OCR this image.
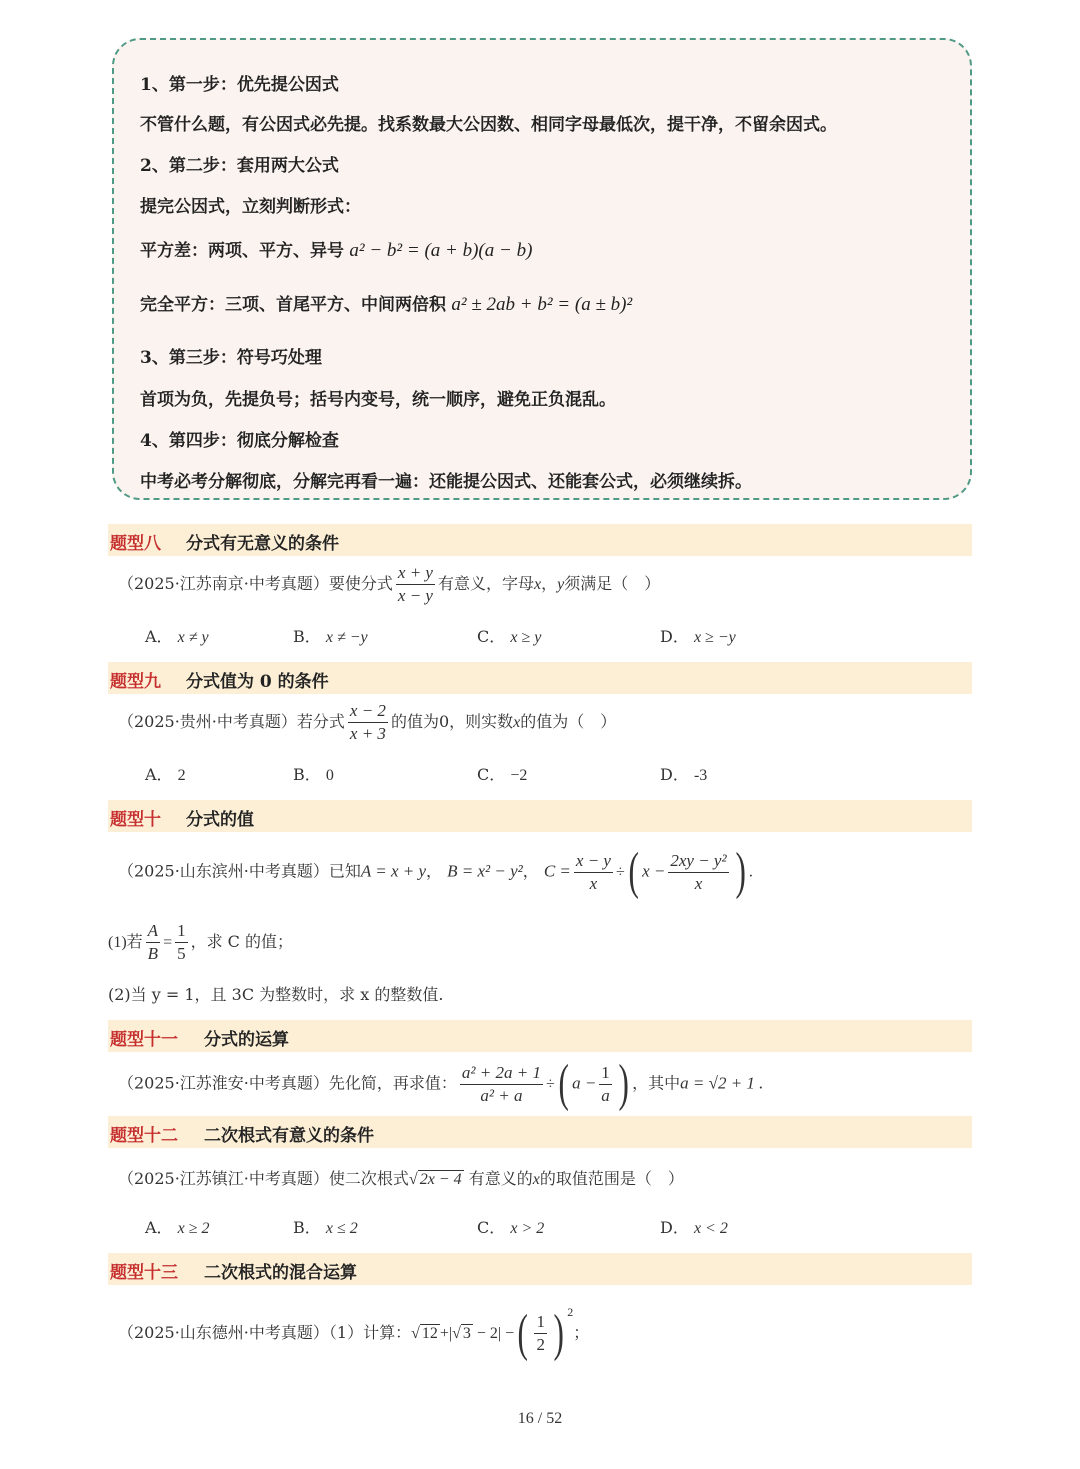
1、第一步：优先提公因式
不管什么题，有公因式必先提。找系数最大公因数、相同字母最低次，提干净，不留余因式。
2、第二步：套用两大公式
提完公因式，立刻判断形式：
平方差：两项、平方、异号 a² − b² = (a + b)(a − b)
完全平方：三项、首尾平方、中间两倍积 a² ± 2ab + b² = (a ± b)²
3、第三步：符号巧处理
首项为负，先提负号；括号内变号，统一顺序，避免正负混乱。
4、第四步：彻底分解检查
中考必考分解彻底，分解完再看一遍：还能提公因式、还能套公式，必须继续拆。
题型八 分式有无意义的条件
（2025·江苏南京·中考真题）要使分式 $\frac{x + y}{x - y}$ 有意义，字母x，y须满足（　）
A． x ≠ y	B． x ≠ −y	C． x ≥ y	D． x ≥ −y
题型九 分式值为 0 的条件
（2025·贵州·中考真题）若分式 $\frac{x - 2}{x + 3}$ 的值为0，则实数x的值为（　）
A． 2	B． 0	C． −2	D． -3
题型十 分式的值
（2025·山东滨州·中考真题）已知A = x + y， B = x² − y²， $C = \frac{x - y}{x}$ ÷( $x - \frac{\text{2xy − y²}}{x}$ ) .
(1)若 $\frac{A}{B} = \frac{1}{5}$ ，求 C 的值；
(2)当 y = 1，且 3C 为整数时，求 x 的整数值.
题型十一 分式的运算
（2025·江苏淮安·中考真题）先化简，再求值： $\frac{\text{a² + 2a + 1}}{\text{a² + a}}$ ÷( $a - \frac{1}{a}$ ) ，其中a = √2 + 1 .
题型十二 二次根式有意义的条件
（2025·江苏镇江·中考真题）使二次根式√ 2x − 4 有意义的x的取值范围是（　）
A． x ≥ 2	B． x ≤ 2	C． x > 2	D． x < 2
题型十三 二次根式的混合运算
（2025·山东德州·中考真题）（1）计算：√ 12 +|√ 3 − 2| −( $\frac{1}{2}$ ) $^2$；
16 / 52
